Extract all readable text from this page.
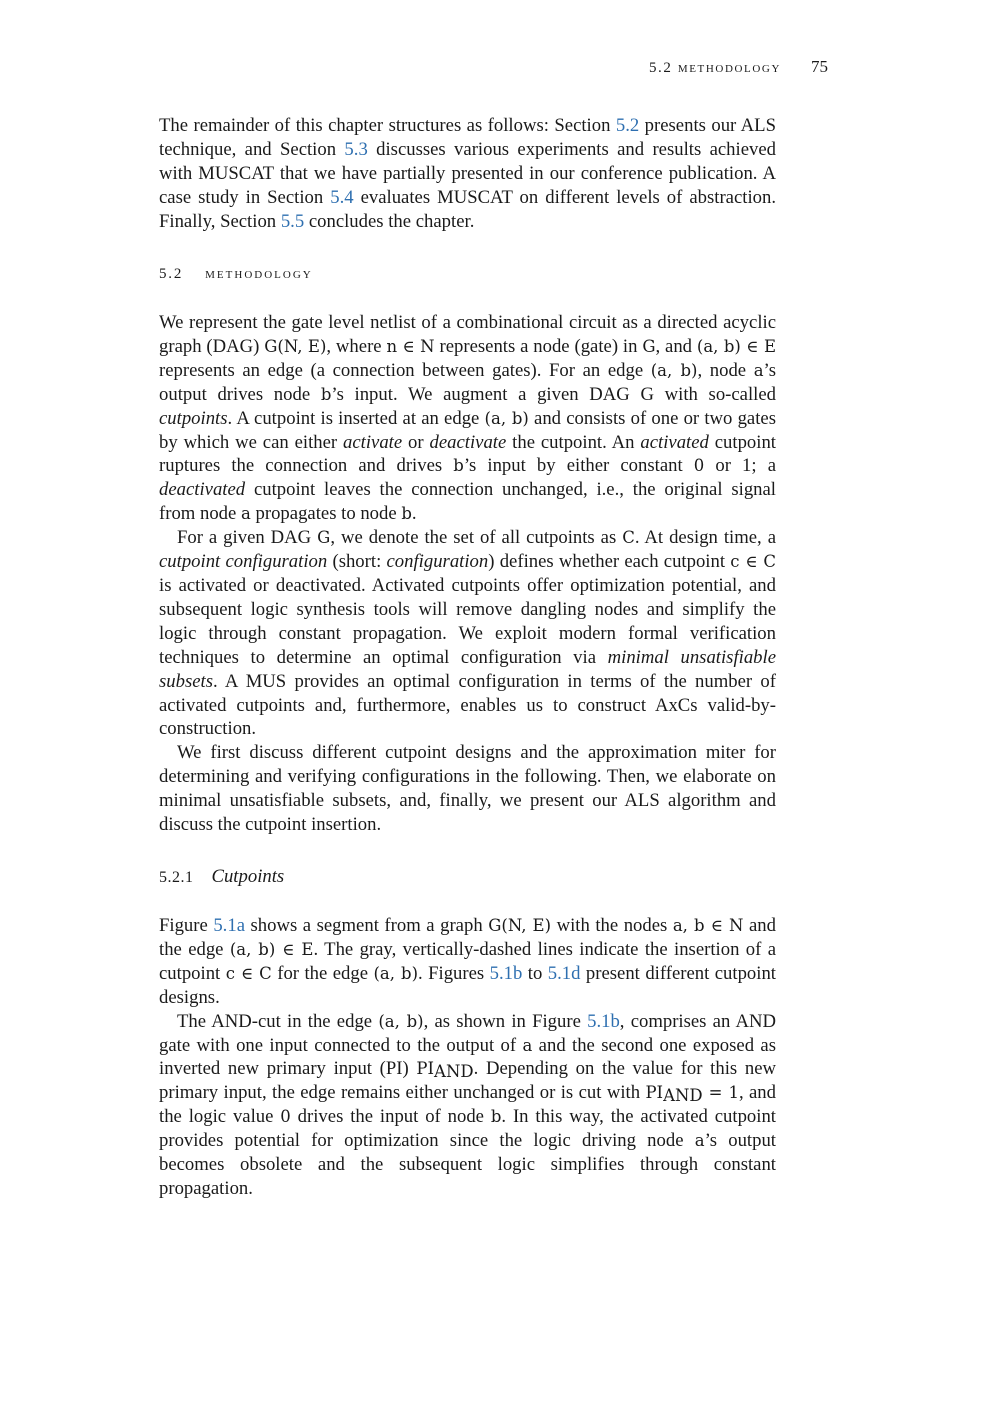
5.2 methodology 75

The remainder of this chapter structures as follows: Section 5.2 presents our ALS technique, and Section 5.3 discusses various experiments and results achieved with MUSCAT that we have partially presented in our conference publication. A case study in Section 5.4 evaluates MUSCAT on different levels of abstraction. Finally, Section 5.5 concludes the chapter.

5.2 methodology

We represent the gate level netlist of a combinational circuit as a directed acyclic graph (DAG) G(N, E), where n ∈ N represents a node (gate) in G, and (a, b) ∈ E represents an edge (a connection between gates). For an edge (a, b), node a’s output drives node b’s input. We augment a given DAG G with so-called cutpoints. A cutpoint is inserted at an edge (a, b) and consists of one or two gates by which we can either activate or deactivate the cutpoint. An activated cutpoint ruptures the connection and drives b’s input by either constant 0 or 1; a deactivated cutpoint leaves the connection unchanged, i.e., the original signal from node a propagates to node b.

For a given DAG G, we denote the set of all cutpoints as C. At design time, a cutpoint configuration (short: configuration) defines whether each cutpoint c ∈ C is activated or deactivated. Activated cutpoints offer optimization potential, and subsequent logic synthesis tools will remove dangling nodes and simplify the logic through constant propagation. We exploit modern formal verification techniques to determine an optimal configuration via minimal unsatisfiable subsets. A MUS provides an optimal configuration in terms of the number of activated cutpoints and, furthermore, enables us to construct AxCs valid-by-construction.

We first discuss different cutpoint designs and the approximation miter for determining and verifying configurations in the following. Then, we elaborate on minimal unsatisfiable subsets, and, finally, we present our ALS algorithm and discuss the cutpoint insertion.

5.2.1 Cutpoints

Figure 5.1a shows a segment from a graph G(N, E) with the nodes a, b ∈ N and the edge (a, b) ∈ E. The gray, vertically-dashed lines indicate the insertion of a cutpoint c ∈ C for the edge (a, b). Figures 5.1b to 5.1d present different cutpoint designs.

The AND-cut in the edge (a, b), as shown in Figure 5.1b, comprises an AND gate with one input connected to the output of a and the second one exposed as inverted new primary input (PI) $PI_{AND}$. Depending on the value for this new primary input, the edge remains either unchanged or is cut with $PI_{AND} = 1$, and the logic value 0 drives the input of node b. In this way, the activated cutpoint provides potential for optimization since the logic driving node a’s output becomes obsolete and the subsequent logic simplifies through constant propagation.
